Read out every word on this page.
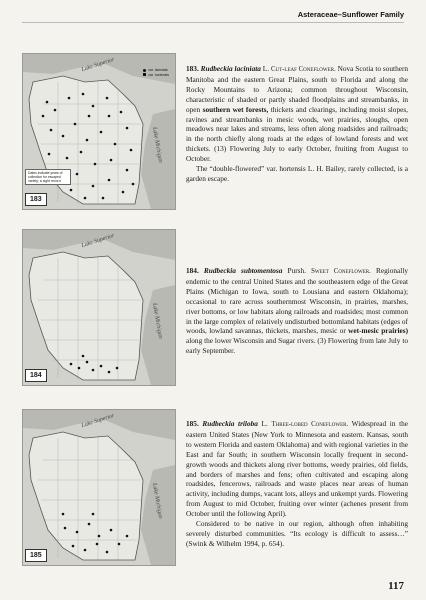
Asteraceae–Sunflower Family
Lake Superior
Lake Michigan
var. laciniata
var. hortensis
Dates indicate years of collection for escaped variety; ● sight record
183
Lake Superior
Lake Michigan
184
Lake Superior
Lake Michigan
185

183. Rudbeckia laciniata L. Cut-leaf Coneflower. Nova Scotia to southern Manitoba and the eastern Great Plains, south to Florida and along the Rocky Mountains to Arizona; common throughout Wisconsin, characteristic of shaded or partly shaded floodplains and streambanks, in open southern wet forests, thickets and clearings, including moist slopes, ravines and streambanks in mesic woods, wet prairies, sloughs, open meadows near lakes and streams, less often along roadsides and railroads; in the north chiefly along roads at the edges of lowland forests and wet thickets. (13) Flowering July to early October, fruiting from August to October.

The “double-flowered” var. hortensis L. H. Bailey, rarely collected, is a garden escape.

184. Rudbeckia subtomentosa Pursh. Sweet Coneflower. Regionally endemic to the central United States and the southeastern edge of the Great Plains (Michigan to Iowa, south to Lousiana and eastern Oklahoma); occasional to rare across southernmost Wisconsin, in prairies, marshes, river bottoms, or low habitats along railroads and roadsides; most common in the large complex of relatively undisturbed bottomland habitats (edges of woods, lowland savannas, thickets, marshes, mesic or wet-mesic prairies) along the lower Wisconsin and Sugar rivers. (3) Flowering from late July to early September.

185. Rudbeckia triloba L. Three-lobed Coneflower. Widespread in the eastern United States (New York to Minnesota and eastern. Kansas, south to western Florida and eastern Oklahoma) and with regional varieties in the East and far South; in southern Wisconsin locally frequent in second-growth woods and thickets along river bottoms, weedy prairies, old fields, and borders of marshes and fens; often cultivated and escaping along roadsides, fencerows, railroads and waste places near areas of human activity, including dumps, vacant lots, alleys and unkempt yards. Flowering from August to mid October, fruiting over winter (achenes present from October until the following April).

Considered to be native in our region, although often inhabiting severely disturbed communities. “Its ecology is difficult to assess…” (Swink & Wilhelm 1994, p. 654).

117
